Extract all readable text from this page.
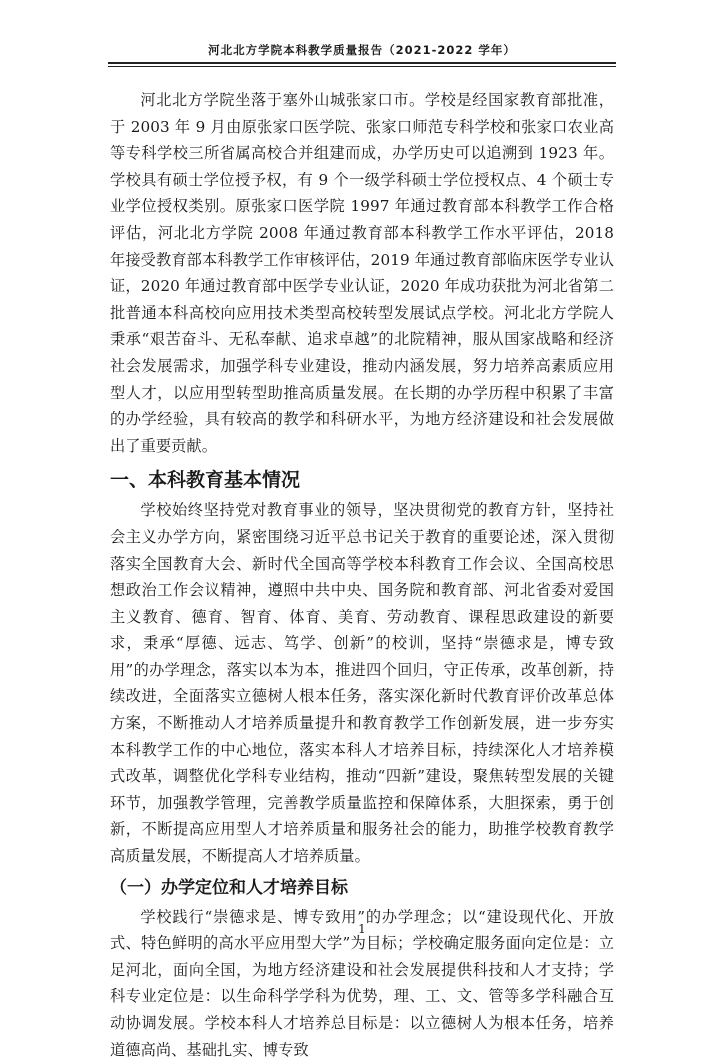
河北北方学院本科教学质量报告（2021-2022 学年）

河北北方学院坐落于塞外山城张家口市。学校是经国家教育部批准，于 2003 年 9 月由原张家口医学院、张家口师范专科学校和张家口农业高等专科学校三所省属高校合并组建而成，办学历史可以追溯到 1923 年。学校具有硕士学位授予权，有 9 个一级学科硕士学位授权点、4 个硕士专业学位授权类别。原张家口医学院 1997 年通过教育部本科教学工作合格评估，河北北方学院 2008 年通过教育部本科教学工作水平评估，2018 年接受教育部本科教学工作审核评估，2019 年通过教育部临床医学专业认证，2020 年通过教育部中医学专业认证，2020 年成功获批为河北省第二批普通本科高校向应用技术类型高校转型发展试点学校。河北北方学院人秉承“艰苦奋斗、无私奉献、追求卓越”的北院精神，服从国家战略和经济社会发展需求，加强学科专业建设，推动内涵发展，努力培养高素质应用型人才，以应用型转型助推高质量发展。在长期的办学历程中积累了丰富的办学经验，具有较高的教学和科研水平，为地方经济建设和社会发展做出了重要贡献。

一、本科教育基本情况

学校始终坚持党对教育事业的领导，坚决贯彻党的教育方针，坚持社会主义办学方向，紧密围绕习近平总书记关于教育的重要论述，深入贯彻落实全国教育大会、新时代全国高等学校本科教育工作会议、全国高校思想政治工作会议精神，遵照中共中央、国务院和教育部、河北省委对爱国主义教育、德育、智育、体育、美育、劳动教育、课程思政建设的新要求，秉承“厚德、远志、笃学、创新”的校训，坚持“崇德求是，博专致用”的办学理念，落实以本为本，推进四个回归，守正传承，改革创新，持续改进，全面落实立德树人根本任务，落实深化新时代教育评价改革总体方案，不断推动人才培养质量提升和教育教学工作创新发展，进一步夯实本科教学工作的中心地位，落实本科人才培养目标，持续深化人才培养模式改革，调整优化学科专业结构，推动“四新”建设，聚焦转型发展的关键环节，加强教学管理，完善教学质量监控和保障体系，大胆探索，勇于创新，不断提高应用型人才培养质量和服务社会的能力，助推学校教育教学高质量发展，不断提高人才培养质量。

（一）办学定位和人才培养目标

学校践行“崇德求是、博专致用”的办学理念；以“建设现代化、开放式、特色鲜明的高水平应用型大学”为目标；学校确定服务面向定位是：立足河北，面向全国，为地方经济建设和社会发展提供科技和人才支持；学科专业定位是：以生命科学学科为优势，理、工、文、管等多学科融合互动协调发展。学校本科人才培养总目标是：以立德树人为根本任务，培养道德高尚、基础扎实、博专致

1
